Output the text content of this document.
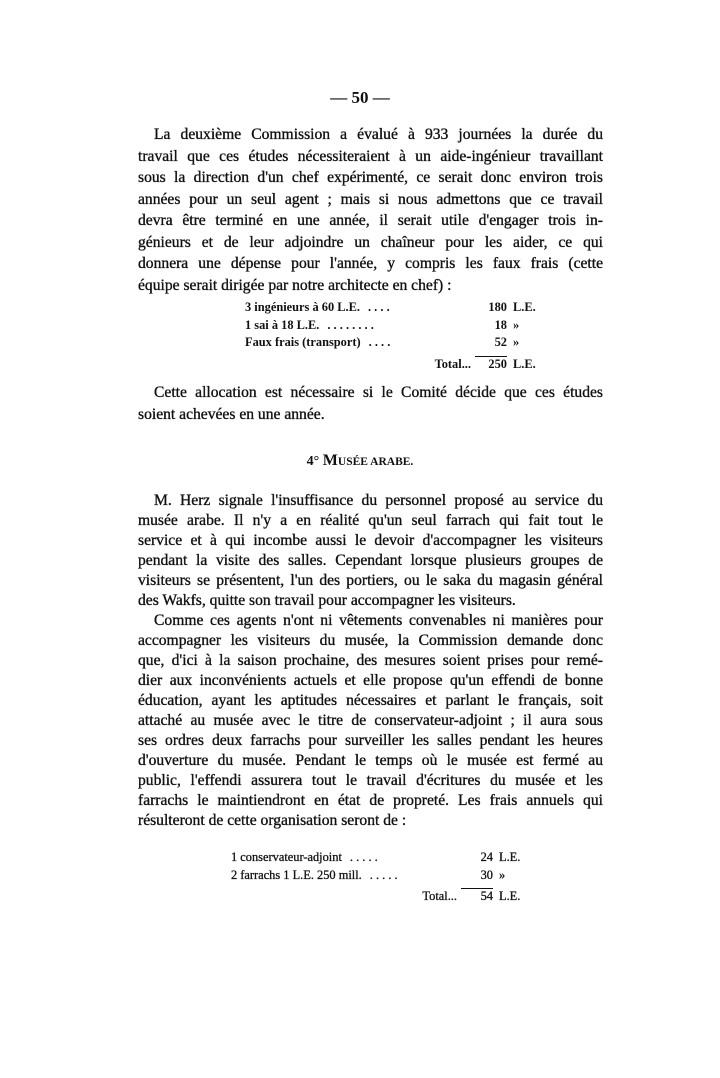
— 50 —
La deuxième Commission a évalué à 933 journées la durée du
travail que ces études nécessiteraient à un aide-ingénieur travaillant
sous la direction d'un chef expérimenté, ce serait donc environ trois
années pour un seul agent ; mais si nous admettons que ce travail
devra être terminé en une année, il serait utile d'engager trois in-
génieurs et de leur adjoindre un chaîneur pour les aider, ce qui
donnera une dépense pour l'année, y compris les faux frais (cette
équipe serait dirigée par notre architecte en chef) :
3 ingénieurs à 60 L.E. . . . .	180 L.E.
1 sai à 18 L.E. . . . . . . . .	18 »
Faux frais (transport) . . . .	52 »
Total...	250 L.E.
Cette allocation est nécessaire si le Comité décide que ces études
soient achevées en une année.
4° MUSÉE ARABE.
M. Herz signale l'insuffisance du personnel proposé au service du
musée arabe. Il n'y a en réalité qu'un seul farrach qui fait tout le
service et à qui incombe aussi le devoir d'accompagner les visiteurs
pendant la visite des salles. Cependant lorsque plusieurs groupes de
visiteurs se présentent, l'un des portiers, ou le saka du magasin général
des Wakfs, quitte son travail pour accompagner les visiteurs.
Comme ces agents n'ont ni vêtements convenables ni manières pour
accompagner les visiteurs du musée, la Commission demande donc
que, d'ici à la saison prochaine, des mesures soient prises pour remé-
dier aux inconvénients actuels et elle propose qu'un effendi de bonne
éducation, ayant les aptitudes nécessaires et parlant le français, soit
attaché au musée avec le titre de conservateur-adjoint ; il aura sous
ses ordres deux farrachs pour surveiller les salles pendant les heures
d'ouverture du musée. Pendant le temps où le musée est fermé au
public, l'effendi assurera tout le travail d'écritures du musée et les
farrachs le maintiendront en état de propreté. Les frais annuels qui
résulteront de cette organisation seront de :
1 conservateur-adjoint . . . . .	24 L.E.
2 farrachs 1 L.E. 250 mill. . . . . .	30 »
Total...	54 L.E.
